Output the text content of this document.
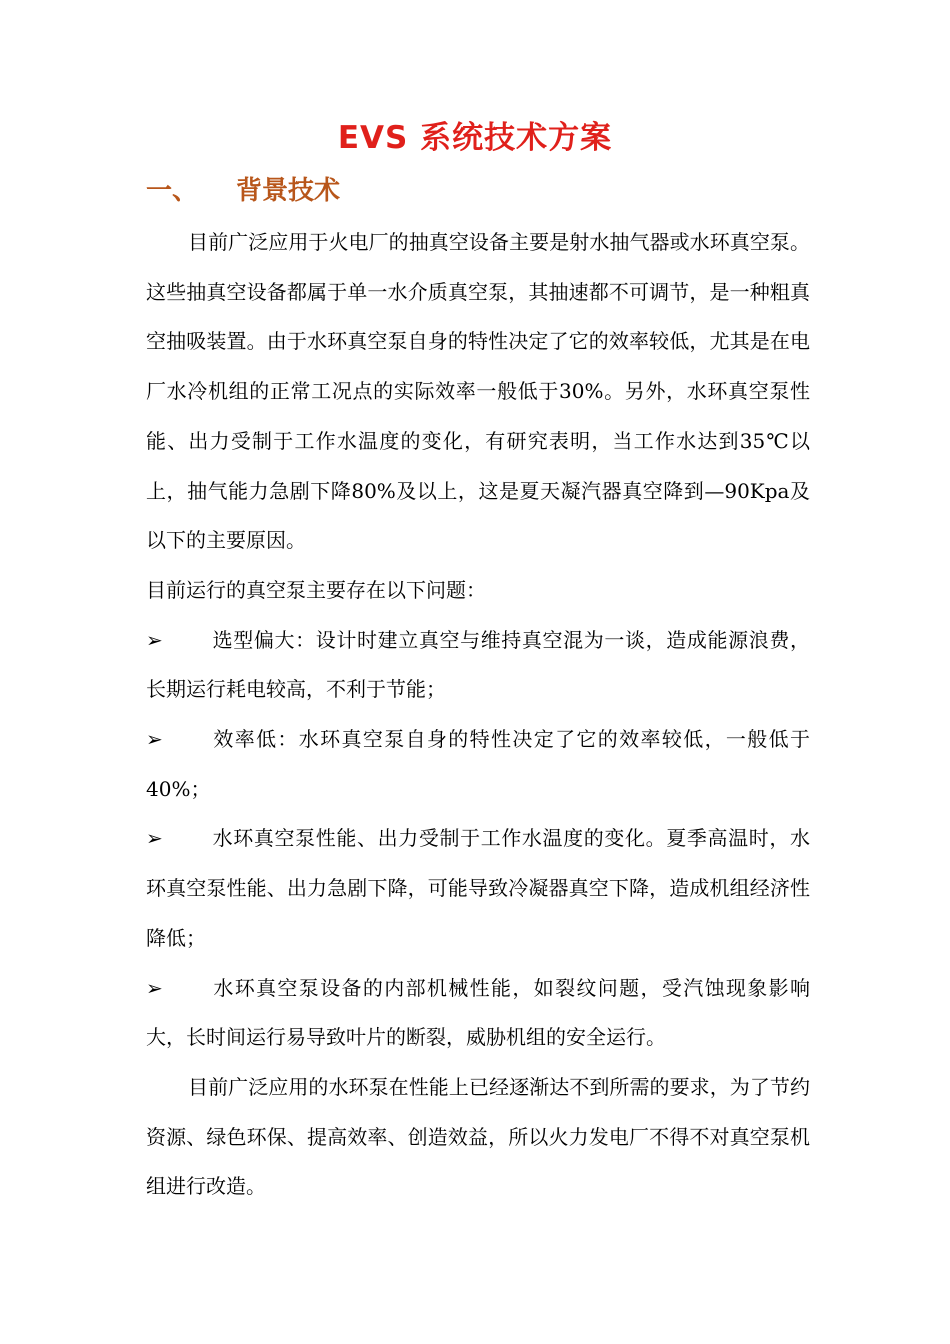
EVS 系统技术方案
一、 背景技术

目前广泛应用于火电厂的抽真空设备主要是射水抽气器或水环真空泵。这些抽真空设备都属于单一水介质真空泵，其抽速都不可调节，是一种粗真空抽吸装置。由于水环真空泵自身的特性决定了它的效率较低，尤其是在电厂水冷机组的正常工况点的实际效率一般低于30%。另外，水环真空泵性能、出力受制于工作水温度的变化，有研究表明，当工作水达到35℃以上，抽气能力急剧下降80%及以上，这是夏天凝汽器真空降到—90Kpa及以下的主要原因。

目前运行的真空泵主要存在以下问题：

➢ 选型偏大：设计时建立真空与维持真空混为一谈，造成能源浪费，长期运行耗电较高，不利于节能；

➢ 效率低：水环真空泵自身的特性决定了它的效率较低，一般低于40%；

➢ 水环真空泵性能、出力受制于工作水温度的变化。夏季高温时，水环真空泵性能、出力急剧下降，可能导致冷凝器真空下降，造成机组经济性降低；

➢ 水环真空泵设备的内部机械性能，如裂纹问题，受汽蚀现象影响大，长时间运行易导致叶片的断裂，威胁机组的安全运行。

目前广泛应用的水环泵在性能上已经逐渐达不到所需的要求，为了节约资源、绿色环保、提高效率、创造效益，所以火力发电厂不得不对真空泵机组进行改造。
